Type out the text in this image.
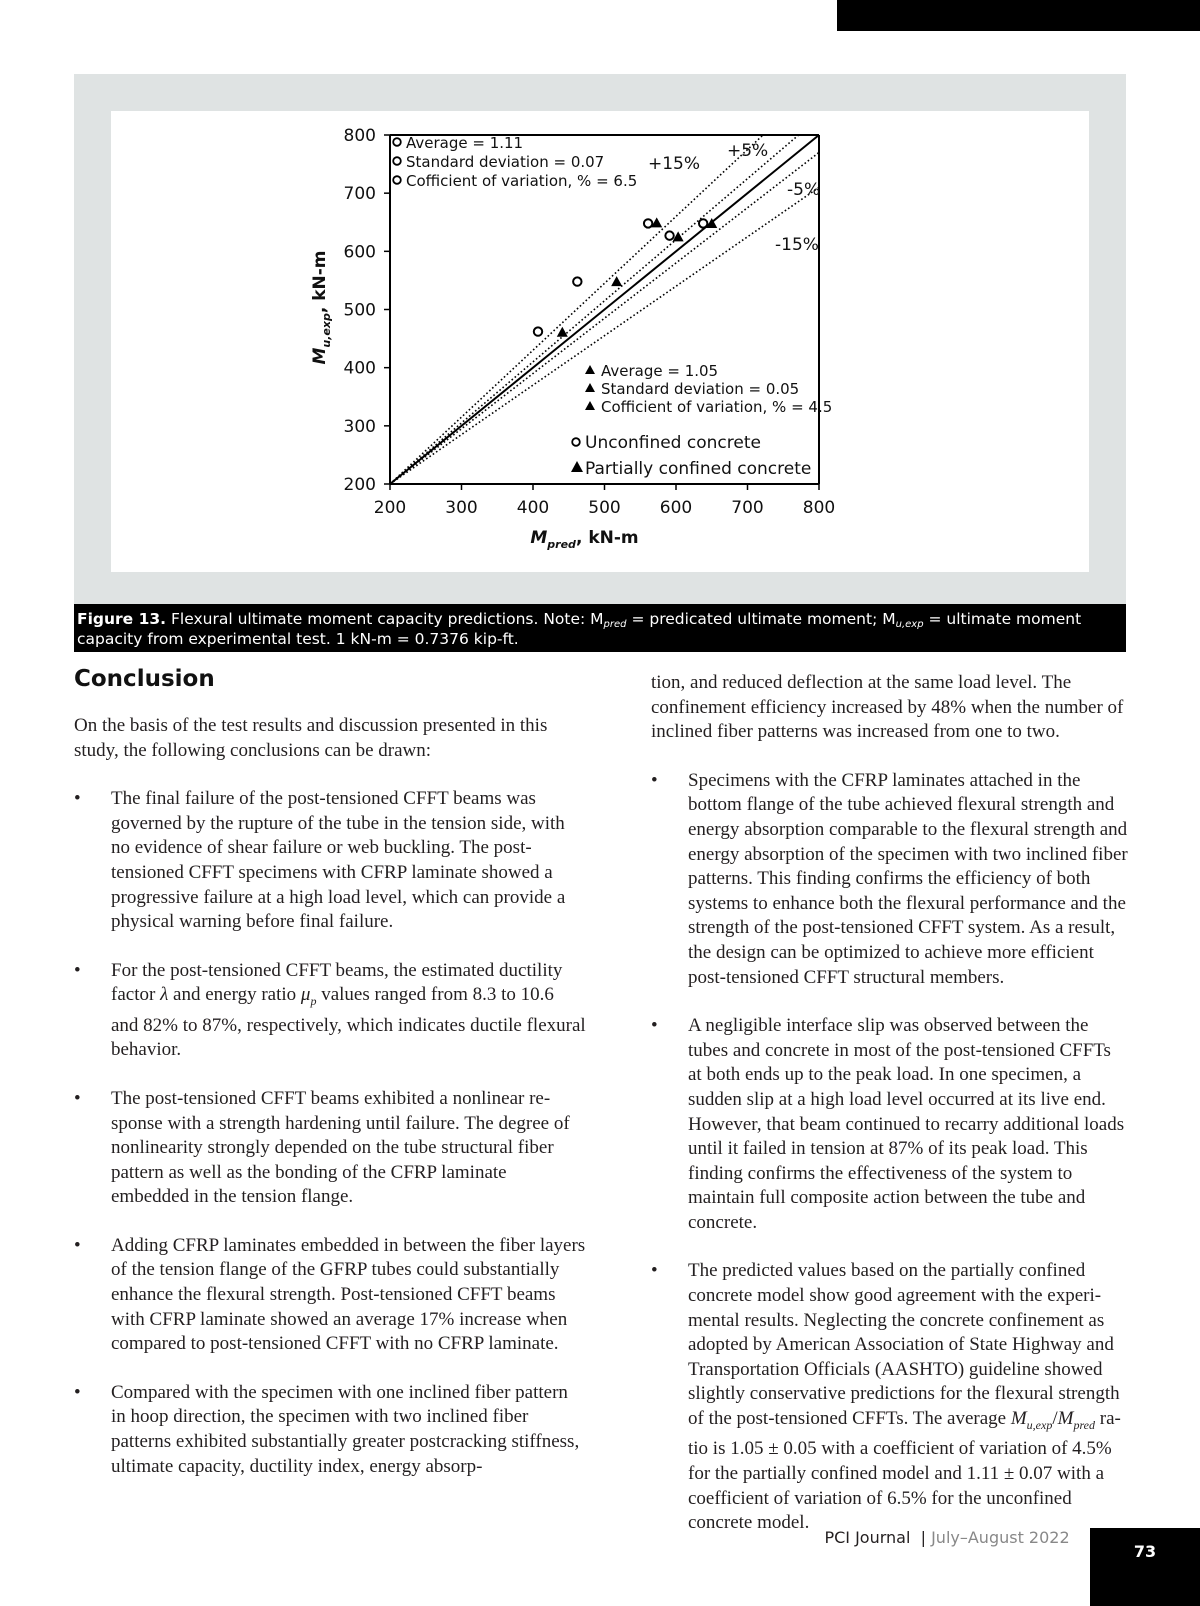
200 300 400 500 600 700 800
200
300
400
500
600
700
800
+5%
-5%
+15%
-15%
Average = 1.11
Standard deviation = 0.07
Cofficient of variation, % = 6.5
Average = 1.05
Standard deviation = 0.05
Cofficient of variation, % = 4.5
Unconfined concrete
Partially confined concrete
$M_{pred}$, kN-m
$M_{u,exp}$, kN-m
Figure 13. Flexural ultimate moment capacity predictions. Note: $M_{pred}$ = predicated ultimate moment; $M_{u,exp}$ = ultimate moment capacity from experimental test. 1 kN-m = 0.7376 kip-ft.
Conclusion

On the basis of the test results and discussion presented in this study, the following conclusions can be drawn:

• The final failure of the post-tensioned CFFT beams was governed by the rupture of the tube in the tension side, with no evidence of shear failure or web buckling. The post-tensioned CFFT specimens with CFRP laminate showed a progressive failure at a high load level, which can provide a physical warning before final failure.
• For the post-tensioned CFFT beams, the estimated ductility factor λ and energy ratio $\mu_p$ values ranged from 8.3 to 10.6 and 82% to 87%, respectively, which indicates ductile flexural behavior.
• The post-tensioned CFFT beams exhibited a nonlinear response with a strength hardening until failure. The degree of nonlinearity strongly depended on the tube structural fiber pattern as well as the bonding of the CFRP laminate embedded in the tension flange.
• Adding CFRP laminates embedded in between the fiber layers of the tension flange of the GFRP tubes could substantially enhance the flexural strength. Post-tensioned CFFT beams with CFRP laminate showed an average 17% increase when compared to post-tensioned CFFT with no CFRP laminate.
• Compared with the specimen with one inclined fiber pattern in hoop direction, the specimen with two inclined fiber patterns exhibited substantially greater postcracking stiffness, ultimate capacity, ductility index, energy absorp-
tion, and reduced deflection at the same load level. The confinement efficiency increased by 48% when the number of inclined fiber patterns was increased from one to two.
• Specimens with the CFRP laminates attached in the bottom flange of the tube achieved flexural strength and energy absorption comparable to the flexural strength and energy absorption of the specimen with two inclined fiber patterns. This finding confirms the efficiency of both systems to enhance both the flexural performance and the strength of the post-tensioned CFFT system. As a result, the design can be optimized to achieve more efficient post-tensioned CFFT structural members.
• A negligible interface slip was observed between the tubes and concrete in most of the post-tensioned CFFTs at both ends up to the peak load. In one specimen, a sudden slip at a high load level occurred at its live end. However, that beam continued to recarry additional loads until it failed in tension at 87% of its peak load. This finding confirms the effectiveness of the system to maintain full composite action between the tube and concrete.
• The predicted values based on the partially confined concrete model show good agreement with the experimental results. Neglecting the concrete confinement as adopted by American Association of State Highway and Transportation Officials (AASHTO) guideline showed slightly conservative predictions for the flexural strength of the post-tensioned CFFTs. The average $M_{u,exp}/M_{pred}$ ratio is 1.05 ± 0.05 with a coefficient of variation of 4.5% for the partially confined model and 1.11 ± 0.07 with a coefficient of variation of 6.5% for the unconfined concrete model.
PCI Journal | July–August 2022
73
